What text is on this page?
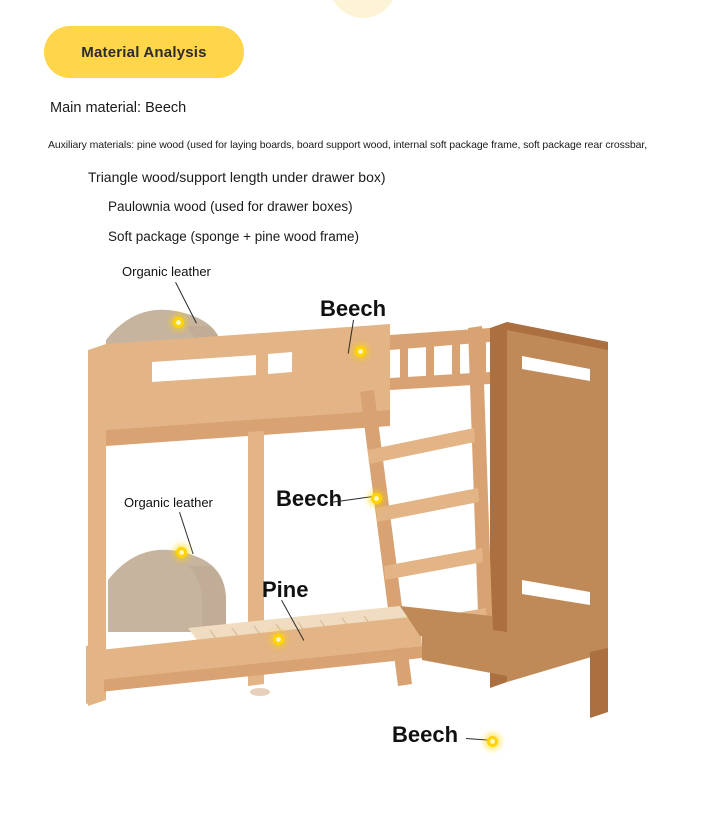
Material Analysis
Main material: Beech
Auxiliary materials: pine wood (used for laying boards, board support wood, internal soft package frame, soft package rear crossbar,
Triangle wood/support length under drawer box)
Paulownia wood (used for drawer boxes)
Soft package (sponge + pine wood frame)
Organic leather
Beech
Organic leather	Beech
Pine
Beech
